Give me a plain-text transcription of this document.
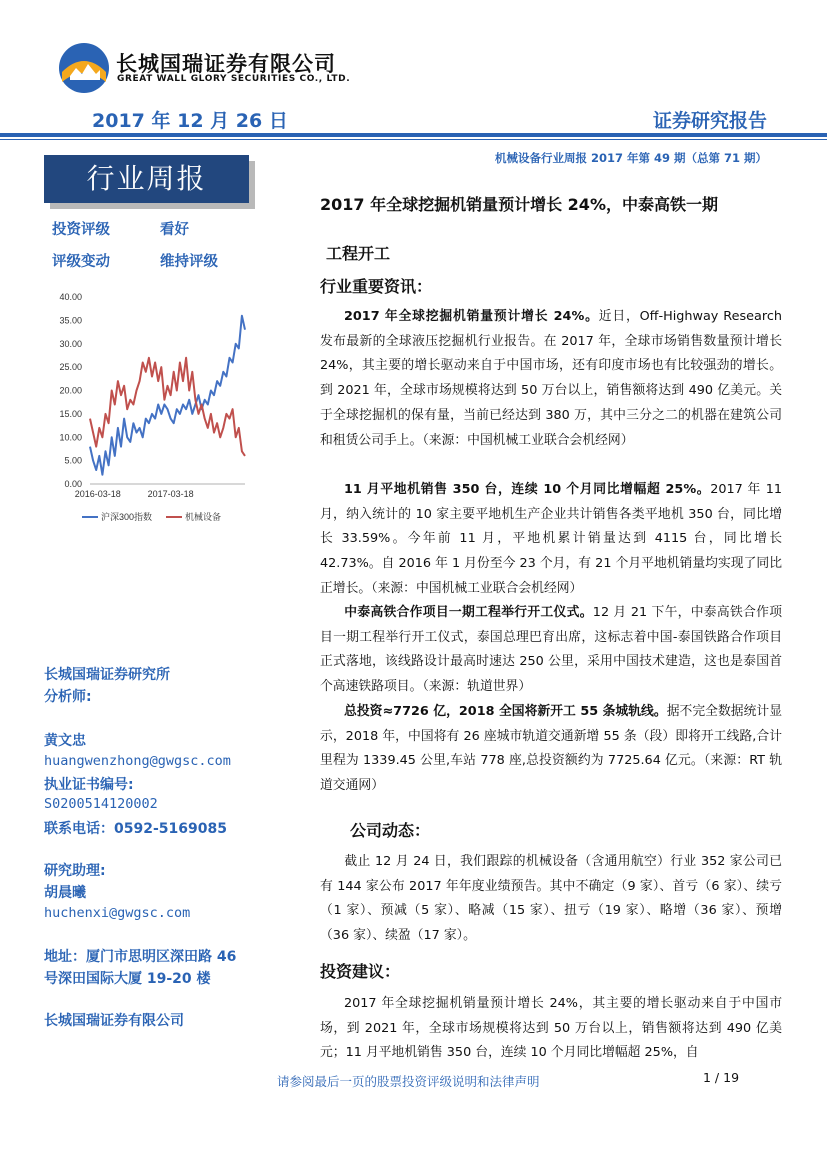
长城国瑞证券有限公司
GREAT WALL GLORY SECURITIES CO., LTD.
2017 年 12 月 26 日	证券研究报告
机械设备行业周报 2017 年第 49 期（总第 71 期）
行业周报
投资评级	看好
评级变动	维持评级
0.00
5.00
10.00
15.00
20.00
25.00
30.00
35.00
40.00
2016-03-18	2017-03-18
沪深300指数	机械设备
长城国瑞证券研究所
分析师:
黄文忠
huangwenzhong@gwgsc.com
执业证书编号:
S0200514120002
联系电话：0592-5169085
研究助理:
胡晨曦
huchenxi@gwgsc.com
地址：厦门市思明区深田路 46
号深田国际大厦 19-20 楼
长城国瑞证券有限公司
2017 年全球挖掘机销量预计增长 24%，中泰高铁一期
工程开工
行业重要资讯：

2017 年全球挖掘机销量预计增长 24%。近日，Off-Highway Research 发布最新的全球液压挖掘机行业报告。在 2017 年，全球市场销售数量预计增长 24%，其主要的增长驱动来自于中国市场，还有印度市场也有比较强劲的增长。到 2021 年，全球市场规模将达到 50 万台以上，销售额将达到 490 亿美元。关于全球挖掘机的保有量，当前已经达到 380 万，其中三分之二的机器在建筑公司和租赁公司手上。（来源：中国机械工业联合会机经网）

11 月平地机销售 350 台，连续 10 个月同比增幅超 25%。2017 年 11 月，纳入统计的 10 家主要平地机生产企业共计销售各类平地机 350 台，同比增长 33.59%。今年前 11 月，平地机累计销量达到 4115 台，同比增长 42.73%。自 2016 年 1 月份至今 23 个月，有 21 个月平地机销量均实现了同比正增长。（来源：中国机械工业联合会机经网）

中泰高铁合作项目一期工程举行开工仪式。12 月 21 下午，中泰高铁合作项目一期工程举行开工仪式，泰国总理巴育出席，这标志着中国-泰国铁路合作项目正式落地，该线路设计最高时速达 250 公里，采用中国技术建造，这也是泰国首个高速铁路项目。（来源：轨道世界）

总投资≈7726 亿，2018 全国将新开工 55 条城轨线。据不完全数据统计显示，2018 年，中国将有 26 座城市轨道交通新增 55 条（段）即将开工线路,合计里程为 1339.45 公里,车站 778 座,总投资额约为 7725.64 亿元。（来源：RT 轨道交通网）

公司动态：

截止 12 月 24 日，我们跟踪的机械设备（含通用航空）行业 352 家公司已有 144 家公布 2017 年年度业绩预告。其中不确定（9 家）、首亏（6 家）、续亏（1 家）、预减（5 家）、略减（15 家）、扭亏（19 家）、略增（36 家）、预增（36 家）、续盈（17 家）。

投资建议：

2017 年全球挖掘机销量预计增长 24%，其主要的增长驱动来自于中国市场，到 2021 年，全球市场规模将达到 50 万台以上，销售额将达到 490 亿美元；11 月平地机销售 350 台，连续 10 个月同比增幅超 25%，自

请参阅最后一页的股票投资评级说明和法律声明	1 / 19
